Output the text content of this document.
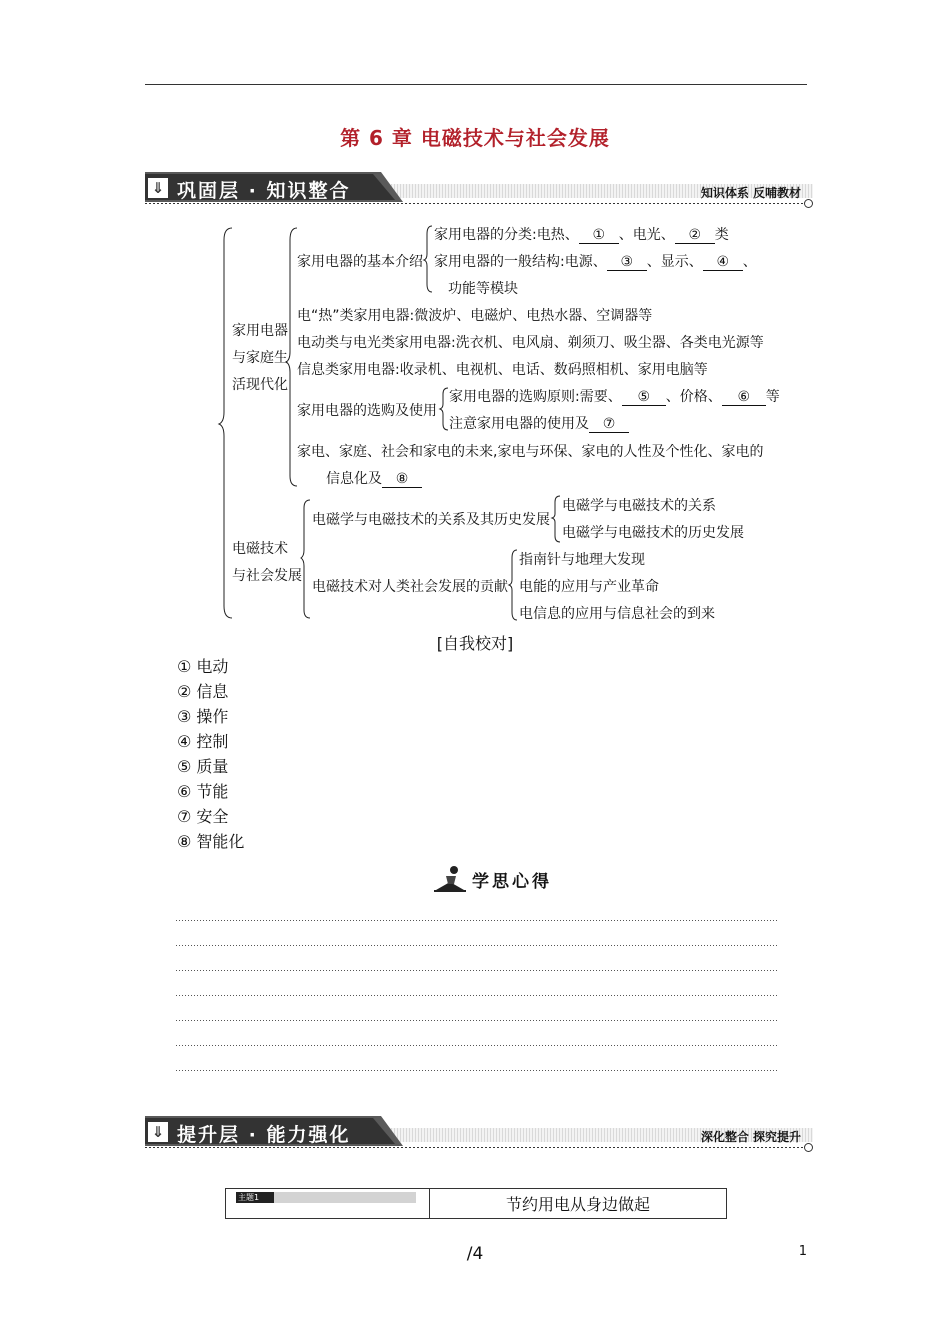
第 6 章 电磁技术与社会发展
⇓ 巩固层 · 知识整合	知识体系 反哺教材
家用电器
与家庭生
活现代化
电磁技术
与社会发展
家用电器的基本介绍
家用电器的分类:电热、 ① 、电光、 ② 类
家用电器的一般结构:电源、 ③ 、显示、 ④ 、
功能等模块
电“热”类家用电器:微波炉、电磁炉、电热水器、空调器等
电动类与电光类家用电器:洗衣机、电风扇、剃须刀、吸尘器、各类电光源等
信息类家用电器:收录机、电视机、电话、数码照相机、家用电脑等
家用电器的选购及使用
家用电器的选购原则:需要、 ⑤ 、价格、 ⑥ 等
注意家用电器的使用及 ⑦
家电、家庭、社会和家电的未来,家电与环保、家电的人性及个性化、家电的
信息化及 ⑧
电磁学与电磁技术的关系及其历史发展
电磁学与电磁技术的关系
电磁学与电磁技术的历史发展
电磁技术对人类社会发展的贡献
指南针与地理大发现
电能的应用与产业革命
电信息的应用与信息社会的到来
[自我校对]
① 电动
② 信息
③ 操作
④ 控制
⑤ 质量
⑥ 节能
⑦ 安全
⑧ 智能化
学思心得
⇓ 提升层 · 能力强化	深化整合 探究提升
主题1	节约用电从身边做起
/4	1
